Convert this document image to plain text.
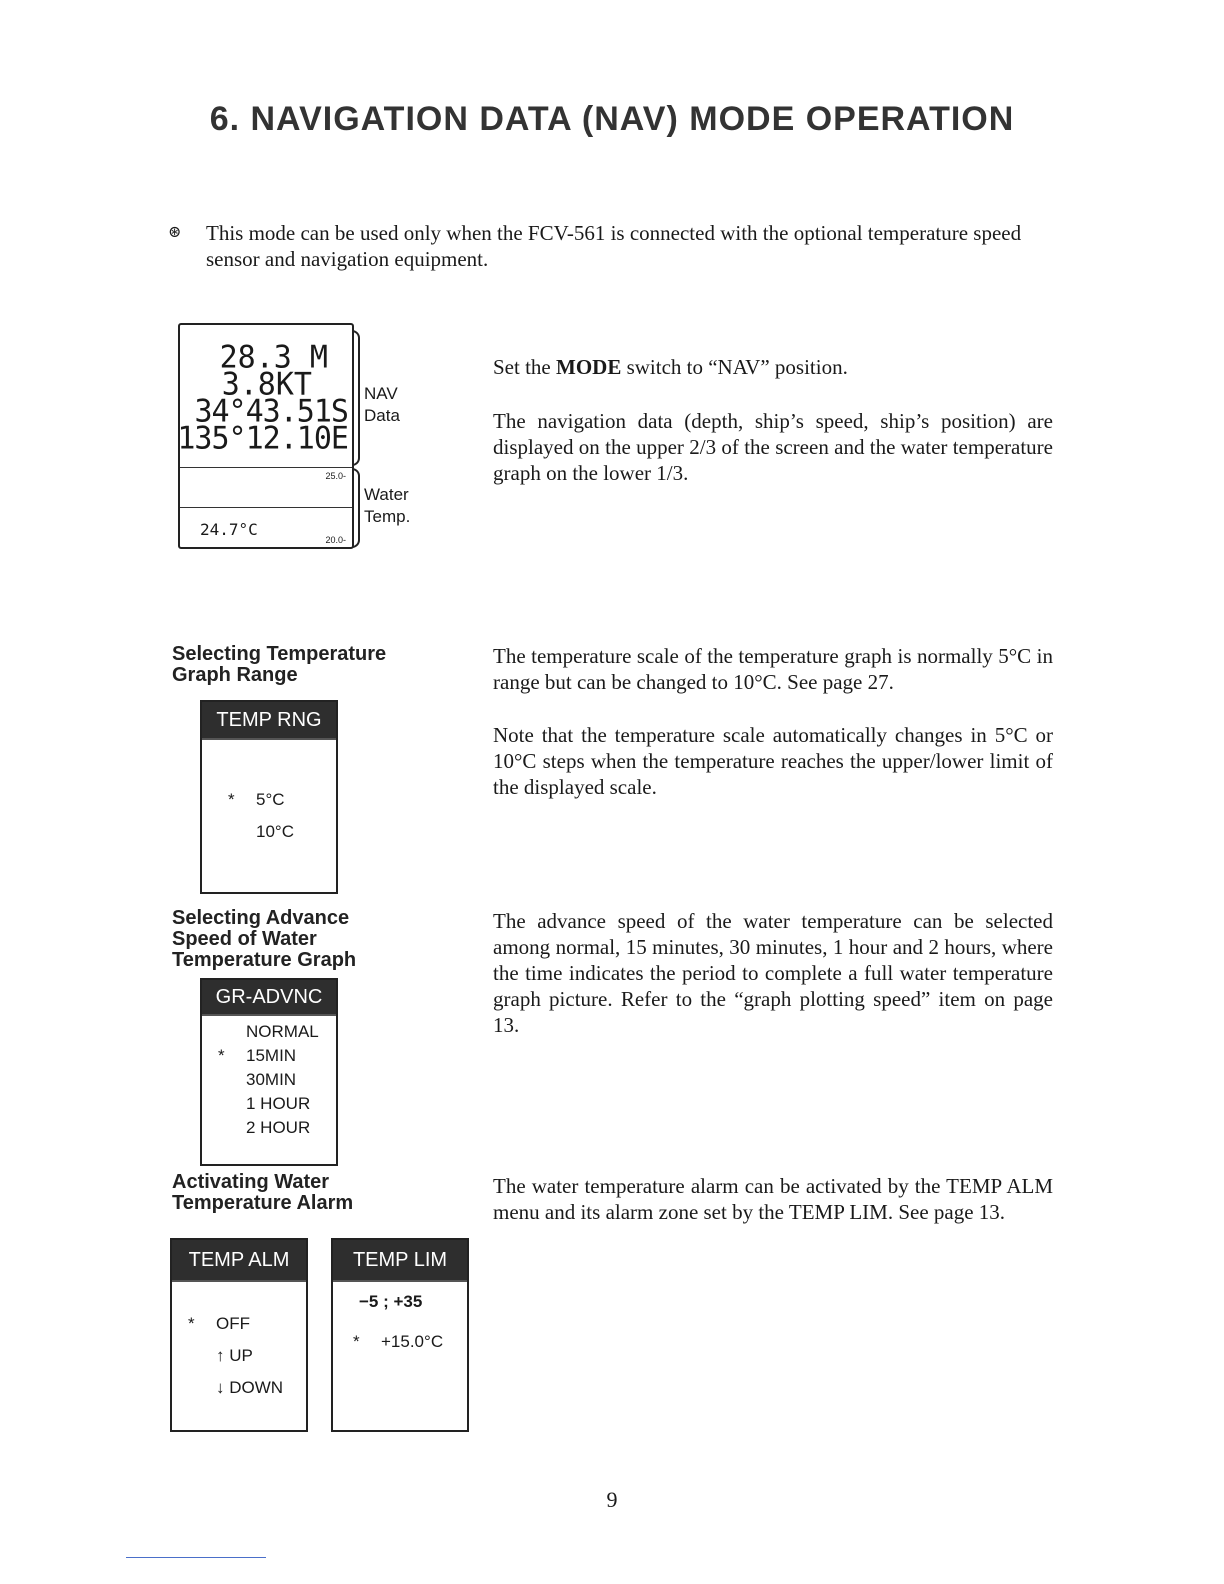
6. NAVIGATION DATA (NAV) MODE OPERATION
⊛ This mode can be used only when the FCV-561 is connected with the optional temperature speed sensor and navigation equipment.
28.3 M
3.8KT
34°43.51S
135°12.10E
25.0-
24.7°C
20.0-
NAV
Data
Water
Temp.
Set the MODE switch to “NAV” position.
The navigation data (depth, ship’s speed, ship’s position) are displayed on the upper 2/3 of the screen and the water temperature graph on the lower 1/3.
Selecting Temperature
Graph Range
TEMP RNG
* 5°C
10°C
The temperature scale of the temperature graph is normally 5°C in range but can be changed to 10°C. See page 27.
Note that the temperature scale automatically changes in 5°C or 10°C steps when the temperature reaches the upper/lower limit of the displayed scale.
Selecting Advance
Speed of Water
Temperature Graph
GR-ADVNC
NORMAL
* 15MIN
30MIN
1 HOUR
2 HOUR
The advance speed of the water temperature can be selected among normal, 15 minutes, 30 minutes, 1 hour and 2 hours, where the time indicates the period to complete a full water temperature graph picture. Refer to the “graph plotting speed” item on page 13.
Activating Water
Temperature Alarm
TEMP ALM
* OFF
↑ UP
↓ DOWN
TEMP LIM
−5 ; +35
* +15.0°C
The water temperature alarm can be activated by the TEMP ALM menu and its alarm zone set by the TEMP LIM. See page 13.
9
